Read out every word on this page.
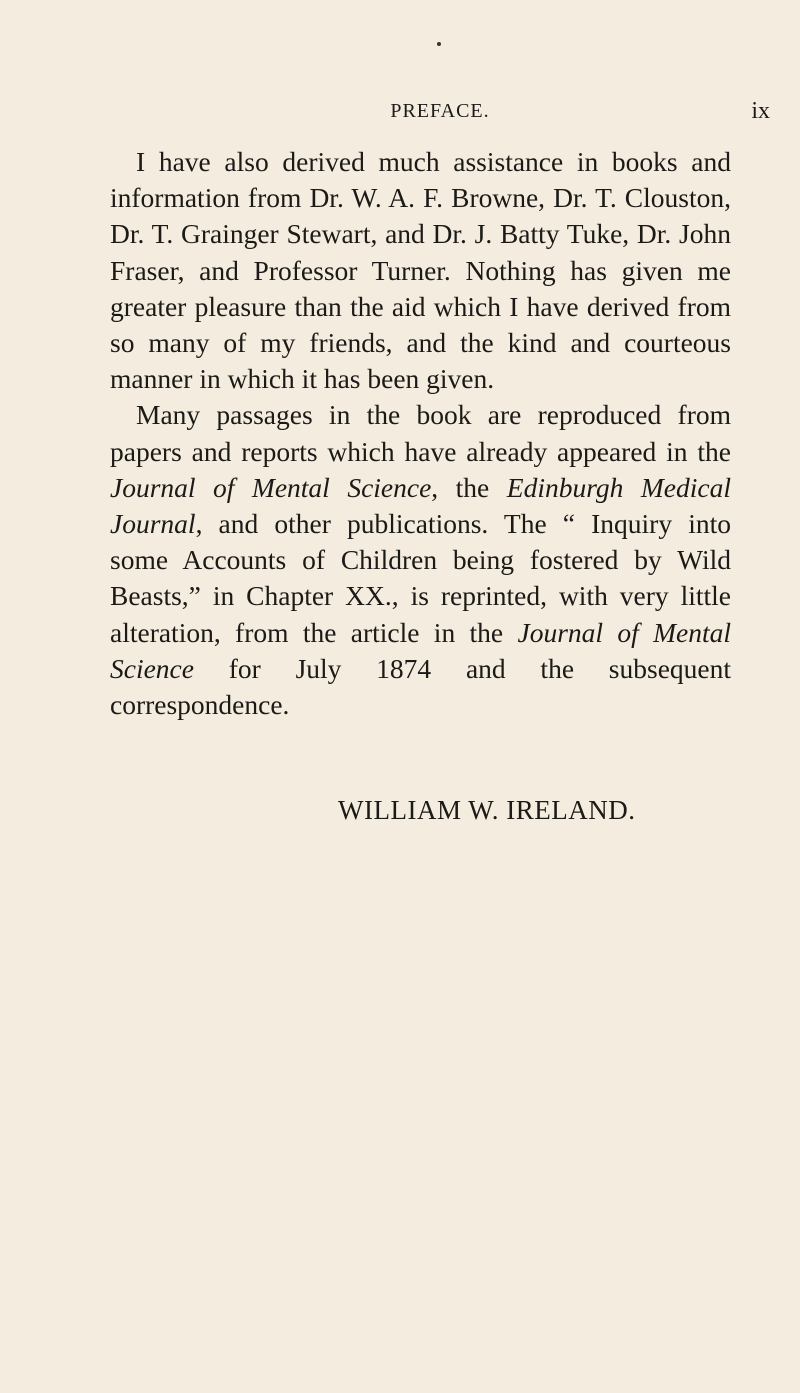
PREFACE.	ix

I have also derived much assistance in books and information from Dr. W. A. F. Browne, Dr. T. Clouston, Dr. T. Grainger Stewart, and Dr. J. Batty Tuke, Dr. John Fraser, and Professor Turner. Nothing has given me greater pleasure than the aid which I have derived from so many of my friends, and the kind and courteous manner in which it has been given.

Many passages in the book are reproduced from papers and reports which have already appeared in the Journal of Mental Science, the Edinburgh Medical Journal, and other publications. The “ Inquiry into some Accounts of Children being fostered by Wild Beasts,” in Chapter XX., is reprinted, with very little alteration, from the article in the Journal of Mental Science for July 1874 and the subsequent correspondence.

WILLIAM W. IRELAND.
